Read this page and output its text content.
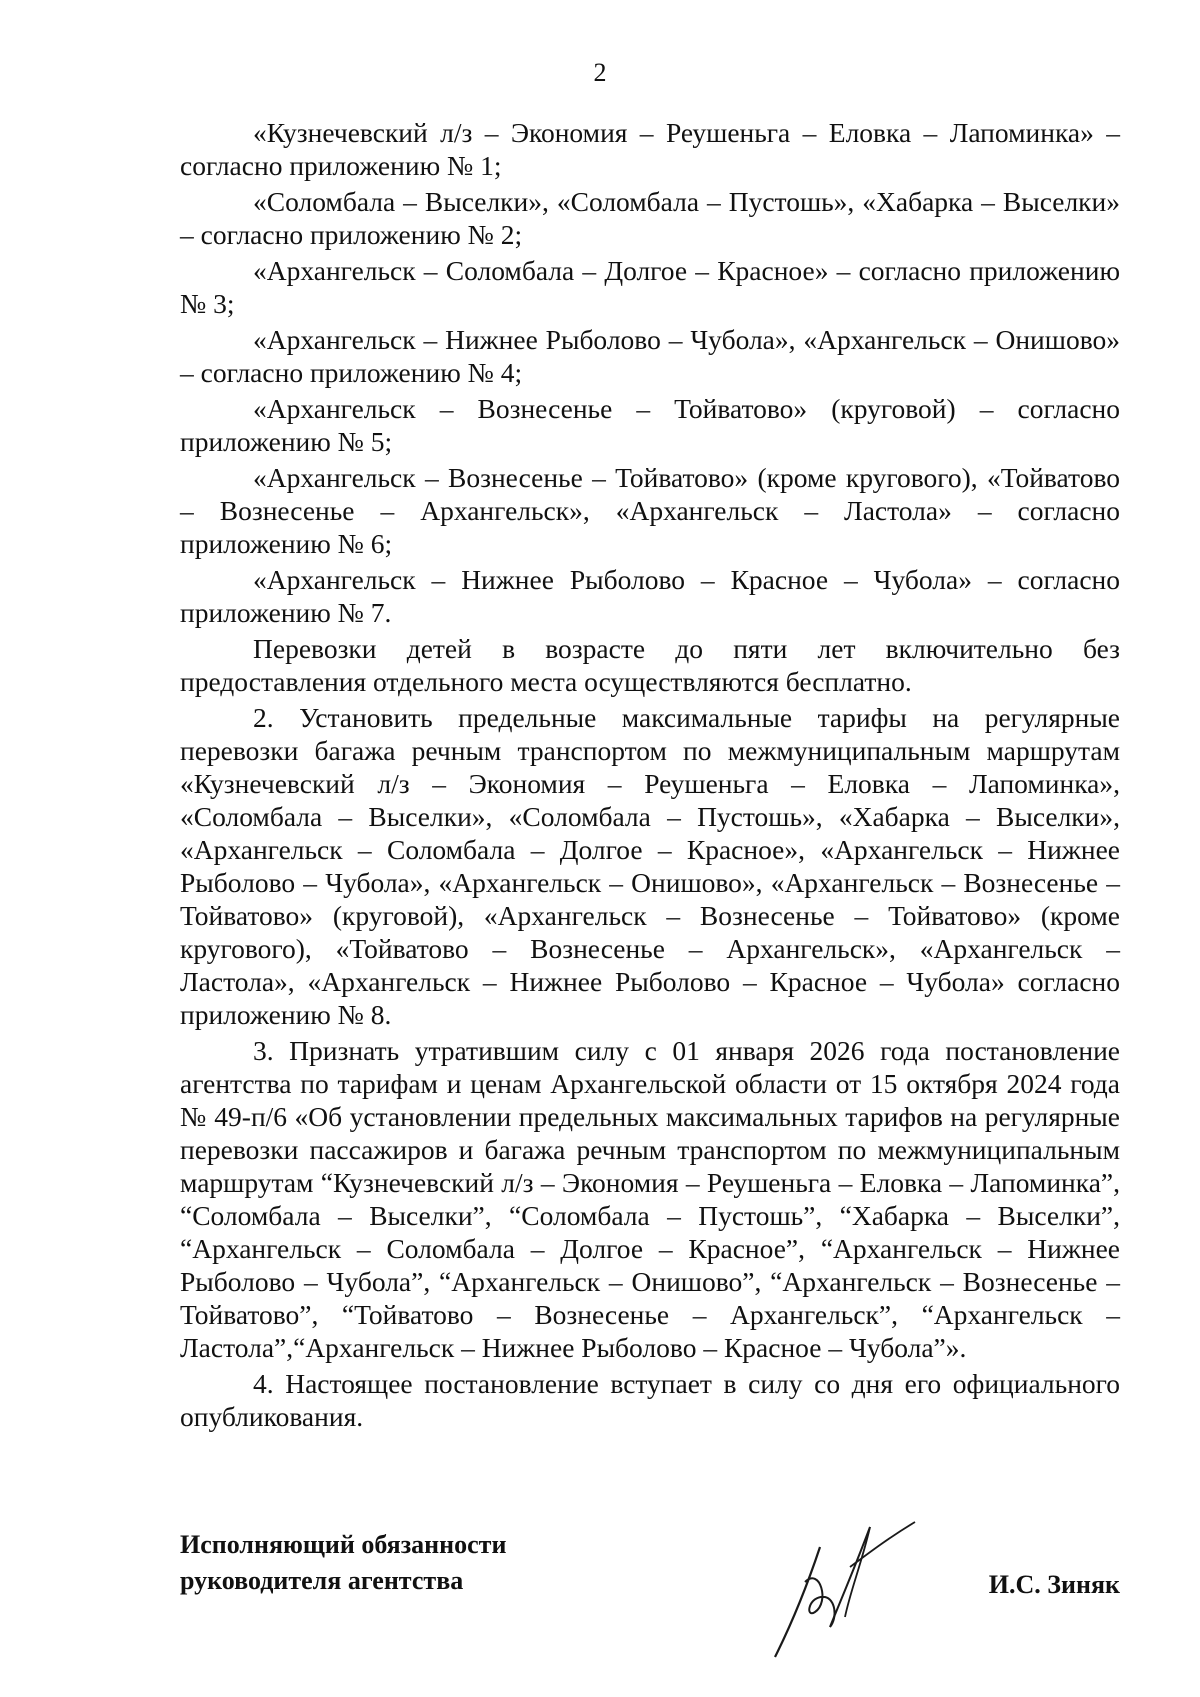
2

«Кузнечевский л/з – Экономия – Реушеньга – Еловка – Лапоминка» – согласно приложению № 1;

«Соломбала – Выселки», «Соломбала – Пустошь», «Хабарка – Выселки» – согласно приложению № 2;

«Архангельск – Соломбала – Долгое – Красное» – согласно приложению № 3;

«Архангельск – Нижнее Рыболово – Чубола», «Архангельск – Онишово» – согласно приложению № 4;

«Архангельск – Вознесенье – Тойватово» (круговой) – согласно приложению № 5;

«Архангельск – Вознесенье – Тойватово» (кроме кругового), «Тойватово – Вознесенье – Архангельск», «Архангельск – Ластола» – согласно приложению № 6;

«Архангельск – Нижнее Рыболово – Красное – Чубола» – согласно приложению № 7.

Перевозки детей в возрасте до пяти лет включительно без предоставления отдельного места осуществляются бесплатно.

2. Установить предельные максимальные тарифы на регулярные перевозки багажа речным транспортом по межмуниципальным маршрутам «Кузнечевский л/з – Экономия – Реушеньга – Еловка – Лапоминка», «Соломбала – Выселки», «Соломбала – Пустошь», «Хабарка – Выселки», «Архангельск – Соломбала – Долгое – Красное», «Архангельск – Нижнее Рыболово – Чубола», «Архангельск – Онишово», «Архангельск – Вознесенье – Тойватово» (круговой), «Архангельск – Вознесенье – Тойватово» (кроме кругового), «Тойватово – Вознесенье – Архангельск», «Архангельск – Ластола», «Архангельск – Нижнее Рыболово – Красное – Чубола» согласно приложению № 8.

3. Признать утратившим силу с 01 января 2026 года постановление агентства по тарифам и ценам Архангельской области от 15 октября 2024 года № 49-п/6 «Об установлении предельных максимальных тарифов на регулярные перевозки пассажиров и багажа речным транспортом по межмуниципальным маршрутам “Кузнечевский л/з – Экономия – Реушеньга – Еловка – Лапоминка”, “Соломбала – Выселки”, “Соломбала – Пустошь”, “Хабарка – Выселки”, “Архангельск – Соломбала – Долгое – Красное”, “Архангельск – Нижнее Рыболово – Чубола”, “Архангельск – Онишово”, “Архангельск – Вознесенье – Тойватово”, “Тойватово – Вознесенье – Архангельск”, “Архангельск –Ластола”,“Архангельск – Нижнее Рыболово – Красное – Чубола”».

4. Настоящее постановление вступает в силу со дня его официального опубликования.

Исполняющий обязанности
руководителя агентства	И.С. Зиняк
